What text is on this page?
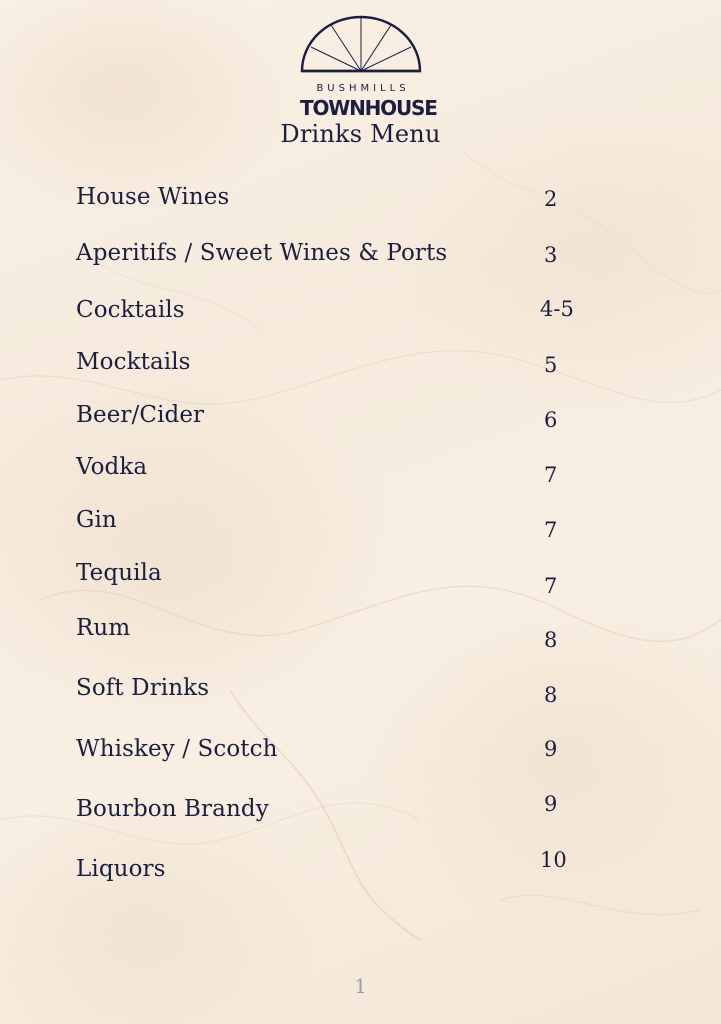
BUSHMILLS
TOWNHOUSE
Drinks Menu
House Wines	2
Aperitifs / Sweet Wines & Ports	3
Cocktails	4-5
Mocktails	5
Beer/Cider	6
Vodka	7
Gin	7
Tequila	7
Rum	8
Soft Drinks	8
Whiskey / Scotch	9
Bourbon Brandy	9
Liquors	10
1
